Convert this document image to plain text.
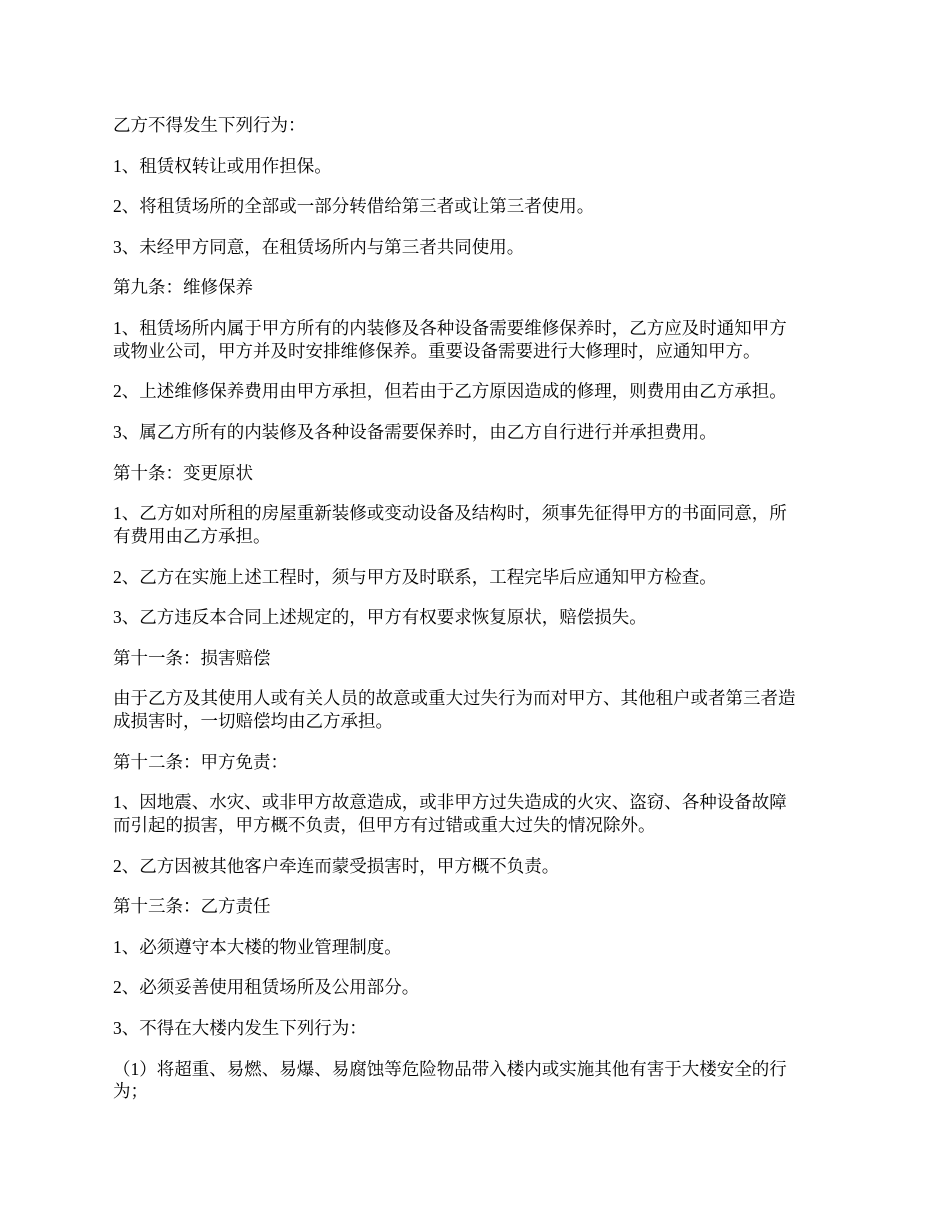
乙方不得发生下列行为：

1、租赁权转让或用作担保。

2、将租赁场所的全部或一部分转借给第三者或让第三者使用。

3、未经甲方同意，在租赁场所内与第三者共同使用。

第九条：维修保养

1、租赁场所内属于甲方所有的内装修及各种设备需要维修保养时，乙方应及时通知甲方
或物业公司，甲方并及时安排维修保养。重要设备需要进行大修理时，应通知甲方。

2、上述维修保养费用由甲方承担，但若由于乙方原因造成的修理，则费用由乙方承担。

3、属乙方所有的内装修及各种设备需要保养时，由乙方自行进行并承担费用。

第十条：变更原状

1、乙方如对所租的房屋重新装修或变动设备及结构时，须事先征得甲方的书面同意，所
有费用由乙方承担。

2、乙方在实施上述工程时，须与甲方及时联系，工程完毕后应通知甲方检查。

3、乙方违反本合同上述规定的，甲方有权要求恢复原状，赔偿损失。

第十一条：损害赔偿

由于乙方及其使用人或有关人员的故意或重大过失行为而对甲方、其他租户或者第三者造
成损害时，一切赔偿均由乙方承担。

第十二条：甲方免责：

1、因地震、水灾、或非甲方故意造成，或非甲方过失造成的火灾、盗窃、各种设备故障
而引起的损害，甲方概不负责，但甲方有过错或重大过失的情况除外。

2、乙方因被其他客户牵连而蒙受损害时，甲方概不负责。

第十三条：乙方责任

1、必须遵守本大楼的物业管理制度。

2、必须妥善使用租赁场所及公用部分。

3、不得在大楼内发生下列行为：

（1）将超重、易燃、易爆、易腐蚀等危险物品带入楼内或实施其他有害于大楼安全的行
为；
